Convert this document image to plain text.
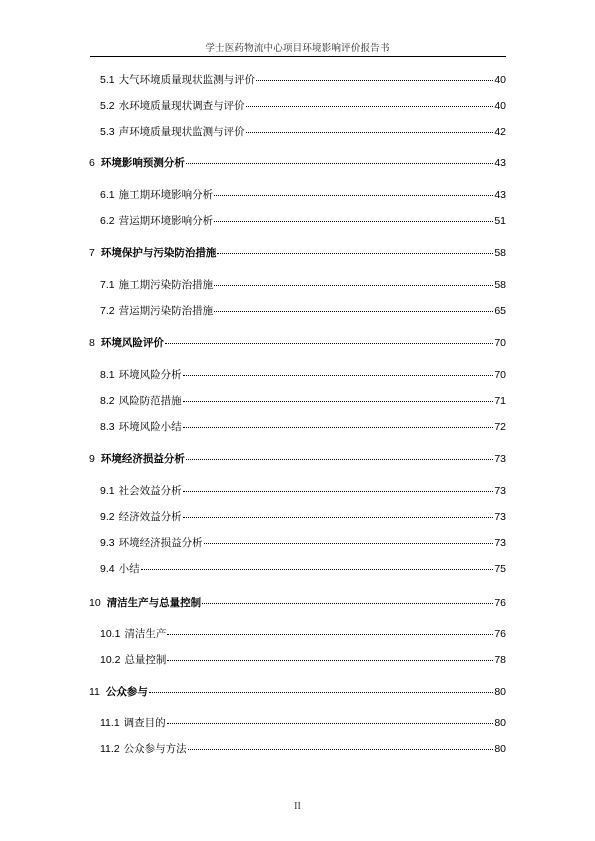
学士医药物流中心项目环境影响评价报告书
5.1 大气环境质量现状监测与评价	40
5.2 水环境质量现状调查与评价	40
5.3 声环境质量现状监测与评价	42
6 环境影响预测分析	43
6.1 施工期环境影响分析	43
6.2 营运期环境影响分析	51
7 环境保护与污染防治措施	58
7.1 施工期污染防治措施	58
7.2 营运期污染防治措施	65
8 环境风险评价	70
8.1 环境风险分析	70
8.2 风险防范措施	71
8.3 环境风险小结	72
9 环境经济损益分析	73
9.1 社会效益分析	73
9.2 经济效益分析	73
9.3 环境经济损益分析	73
9.4 小结	75
10 清洁生产与总量控制	76
10.1 清洁生产	76
10.2 总量控制	78
11 公众参与	80
11.1 调查目的	80
11.2 公众参与方法	80
II
